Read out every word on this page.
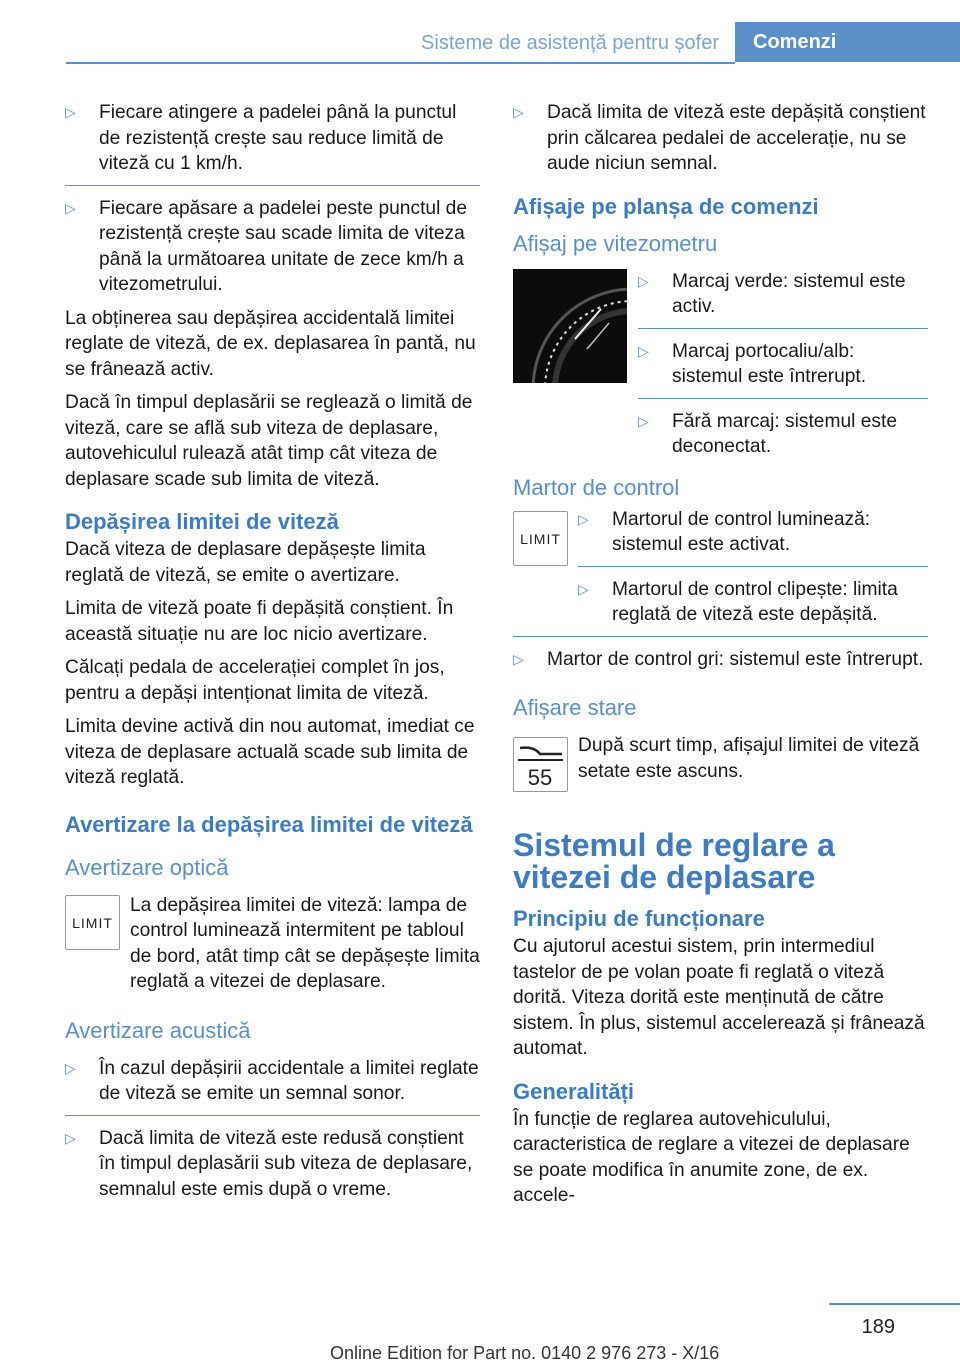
Sisteme de asistență pentru șofer	Comenzi
▷ Fiecare atingere a padelei până la punctul de rezistență crește sau reduce limită de viteză cu 1 km/h.
▷ Fiecare apăsare a padelei peste punctul de rezistență crește sau scade limita de viteza până la următoarea unitate de zece km/h a vitezometrului.

La obținerea sau depășirea accidentală limitei reglate de viteză, de ex. deplasarea în pantă, nu se frânează activ.

Dacă în timpul deplasării se reglează o limită de viteză, care se află sub viteza de deplasare, autovehiculul rulează atât timp cât viteza de deplasare scade sub limita de viteză.

Depășirea limitei de viteză

Dacă viteza de deplasare depășește limita reglată de viteză, se emite o avertizare.

Limita de viteză poate fi depășită conștient. În această situație nu are loc nicio avertizare.

Călcați pedala de accelerației complet în jos, pentru a depăși intenționat limita de viteză.

Limita devine activă din nou automat, imediat ce viteza de deplasare actuală scade sub limita de viteză reglată.

Avertizare la depășirea limitei de viteză
Avertizare optică
LIMIT

La depășirea limitei de viteză: lampa de control luminează intermitent pe tabloul de bord, atât timp cât se depășește limita reglată a vitezei de deplasare.

Avertizare acustică
▷ În cazul depășirii accidentale a limitei reglate de viteză se emite un semnal sonor.
▷ Dacă limita de viteză este redusă conștient în timpul deplasării sub viteza de deplasare, semnalul este emis după o vreme.
▷ Dacă limita de viteză este depășită conștient prin călcarea pedalei de accelerație, nu se aude niciun semnal.
Afișaje pe planșa de comenzi
Afișaj pe vitezometru
▷ Marcaj verde: sistemul este activ.
▷ Marcaj portocaliu/alb: sistemul este întrerupt.
▷ Fără marcaj: sistemul este deconectat.
Martor de control
LIMIT
▷ Martorul de control luminează: sistemul este activat.
▷ Martorul de control clipește: limita reglată de viteză este depășită.
▷ Martor de control gri: sistemul este întrerupt.
Afișare stare
55

După scurt timp, afișajul limitei de viteză setate este ascuns.

Sistemul de reglare a vitezei de deplasare
Principiu de funcționare

Cu ajutorul acestui sistem, prin intermediul tastelor de pe volan poate fi reglată o viteză dorită. Viteza dorită este menținută de către sistem. În plus, sistemul accelerează și frânează automat.

Generalități

În funcție de reglarea autovehiculului, caracteristica de reglare a vitezei de deplasare se poate modifica în anumite zone, de ex. accele-

189
Online Edition for Part no. 0140 2 976 273 - X/16
